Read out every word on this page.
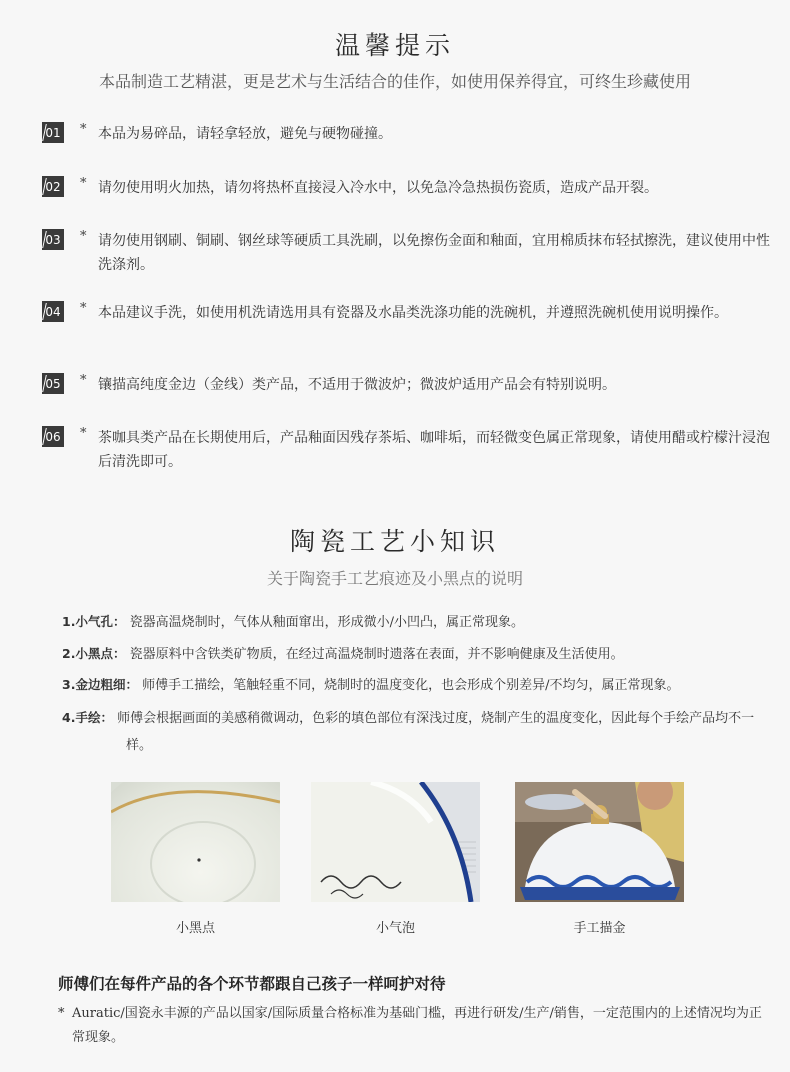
温馨提示
本品制造工艺精湛，更是艺术与生活结合的佳作，如使用保养得宜，可终生珍藏使用
01 * 本品为易碎品，请轻拿轻放，避免与硬物碰撞。
02 * 请勿使用明火加热，请勿将热杯直接浸入冷水中，以免急冷急热损伤瓷质，造成产品开裂。
03 * 请勿使用钢刷、铜刷、钢丝球等硬质工具洗刷，以免擦伤金面和釉面，宜用棉质抹布轻拭擦洗，建议使用中性洗涤剂。
04 * 本品建议手洗，如使用机洗请选用具有瓷器及水晶类洗涤功能的洗碗机，并遵照洗碗机使用说明操作。
05 * 镶描高纯度金边（金线）类产品，不适用于微波炉；微波炉适用产品会有特别说明。
06 * 茶咖具类产品在长期使用后，产品釉面因残存茶垢、咖啡垢，而轻微变色属正常现象，请使用醋或柠檬汁浸泡后清洗即可。
陶瓷工艺小知识
关于陶瓷手工艺痕迹及小黑点的说明
1.小气孔： 瓷器高温烧制时，气体从釉面窜出，形成微小/小凹凸，属正常现象。
2.小黑点： 瓷器原料中含铁类矿物质，在经过高温烧制时遗落在表面，并不影响健康及生活使用。
3.金边粗细： 师傅手工描绘，笔触轻重不同，烧制时的温度变化，也会形成个别差异/不均匀，属正常现象。
4.手绘： 师傅会根据画面的美感稍微调动，色彩的填色部位有深浅过度，烧制产生的温度变化，因此每个手绘产品均不一样。
小黑点	小气泡	手工描金
师傅们在每件产品的各个环节都跟自己孩子一样呵护对待
* Auratic/国瓷永丰源的产品以国家/国际质量合格标准为基础门槛，再进行研发/生产/销售，一定范围内的上述情况均为正常现象。
